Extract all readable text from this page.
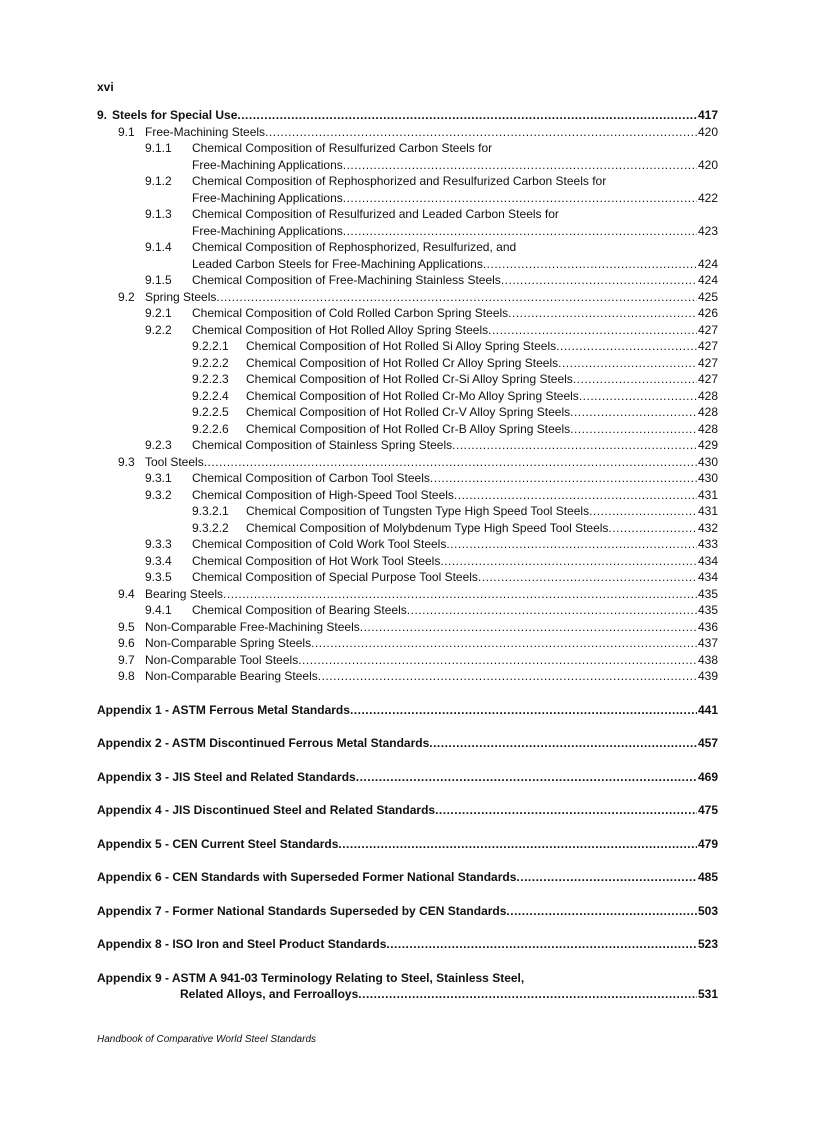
xvi
9. Steels for Special Use .....	417
9.1 Free-Machining Steels .....	420
9.1.1 Chemical Composition of Resulfurized Carbon Steels for
Free-Machining Applications .....	420
9.1.2 Chemical Composition of Rephosphorized and Resulfurized Carbon Steels for
Free-Machining Applications .....	422
9.1.3 Chemical Composition of Resulfurized and Leaded Carbon Steels for
Free-Machining Applications .....	423
9.1.4 Chemical Composition of Rephosphorized, Resulfurized, and
Leaded Carbon Steels for Free-Machining Applications .....	424
9.1.5 Chemical Composition of Free-Machining Stainless Steels .....	424
9.2 Spring Steels .....	425
9.2.1 Chemical Composition of Cold Rolled Carbon Spring Steels .....	426
9.2.2 Chemical Composition of Hot Rolled Alloy Spring Steels .....	427
9.2.2.1 Chemical Composition of Hot Rolled Si Alloy Spring Steels .....	427
9.2.2.2 Chemical Composition of Hot Rolled Cr Alloy Spring Steels .....	427
9.2.2.3 Chemical Composition of Hot Rolled Cr-Si Alloy Spring Steels .....	427
9.2.2.4 Chemical Composition of Hot Rolled Cr-Mo Alloy Spring Steels .....	428
9.2.2.5 Chemical Composition of Hot Rolled Cr-V Alloy Spring Steels .....	428
9.2.2.6 Chemical Composition of Hot Rolled Cr-B Alloy Spring Steels .....	428
9.2.3 Chemical Composition of Stainless Spring Steels .....	429
9.3 Tool Steels .....	430
9.3.1 Chemical Composition of Carbon Tool Steels .....	430
9.3.2 Chemical Composition of High-Speed Tool Steels .....	431
9.3.2.1 Chemical Composition of Tungsten Type High Speed Tool Steels .....	431
9.3.2.2 Chemical Composition of Molybdenum Type High Speed Tool Steels .....	432
9.3.3 Chemical Composition of Cold Work Tool Steels .....	433
9.3.4 Chemical Composition of Hot Work Tool Steels .....	434
9.3.5 Chemical Composition of Special Purpose Tool Steels .....	434
9.4 Bearing Steels .....	435
9.4.1 Chemical Composition of Bearing Steels .....	435
9.5 Non-Comparable Free-Machining Steels .....	436
9.6 Non-Comparable Spring Steels .....	437
9.7 Non-Comparable Tool Steels .....	438
9.8 Non-Comparable Bearing Steels .....	439
Appendix 1 - ASTM Ferrous Metal Standards .....	441
Appendix 2 - ASTM Discontinued Ferrous Metal Standards .....	457
Appendix 3 - JIS Steel and Related Standards .....	469
Appendix 4 - JIS Discontinued Steel and Related Standards .....	475
Appendix 5 - CEN Current Steel Standards .....	479
Appendix 6 - CEN Standards with Superseded Former National Standards .....	485
Appendix 7 - Former National Standards Superseded by CEN Standards .....	503
Appendix 8 - ISO Iron and Steel Product Standards .....	523
Appendix 9 - ASTM A 941-03 Terminology Relating to Steel, Stainless Steel,
Related Alloys, and Ferroalloys .....	531
Handbook of Comparative World Steel Standards
